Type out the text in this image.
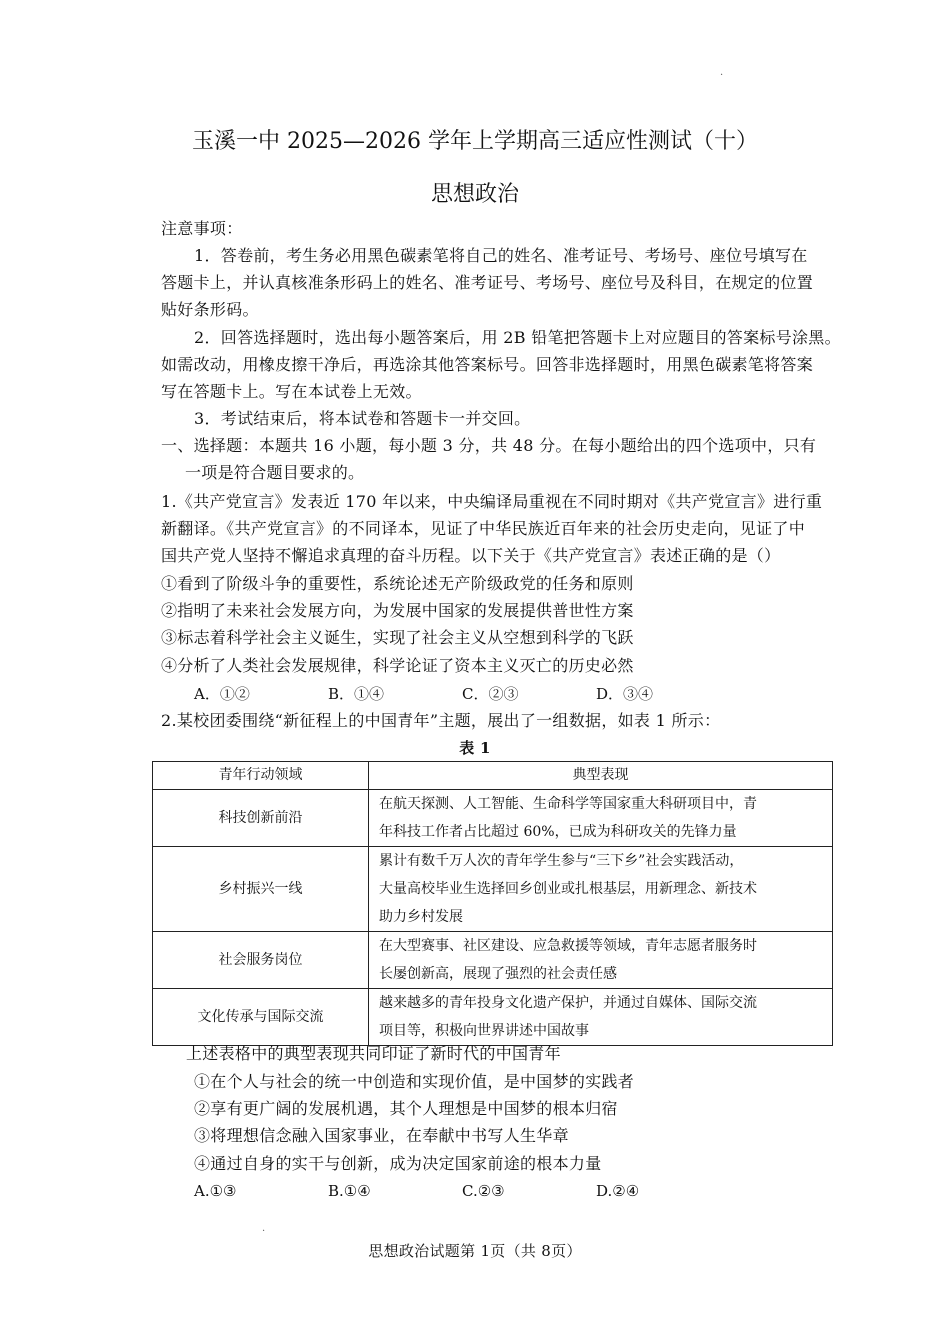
·
玉溪一中 2025—2026 学年上学期高三适应性测试（十）
思想政治
注意事项：
1．答卷前，考生务必用黑色碳素笔将自己的姓名、准考证号、考场号、座位号填写在
答题卡上，并认真核准条形码上的姓名、准考证号、考场号、座位号及科目，在规定的位置
贴好条形码。
2．回答选择题时，选出每小题答案后，用 2B 铅笔把答题卡上对应题目的答案标号涂黑。
如需改动，用橡皮擦干净后，再选涂其他答案标号。回答非选择题时，用黑色碳素笔将答案
写在答题卡上。写在本试卷上无效。
3．考试结束后，将本试卷和答题卡一并交回。
一、选择题：本题共 16 小题，每小题 3 分，共 48 分。在每小题给出的四个选项中，只有
一项是符合题目要求的。
1.《共产党宣言》发表近 170 年以来，中央编译局重视在不同时期对《共产党宣言》进行重
新翻译。《共产党宣言》的不同译本，见证了中华民族近百年来的社会历史走向，见证了中
国共产党人坚持不懈追求真理的奋斗历程。以下关于《共产党宣言》表述正确的是（）
①看到了阶级斗争的重要性，系统论述无产阶级政党的任务和原则
②指明了未来社会发展方向，为发展中国家的发展提供普世性方案
③标志着科学社会主义诞生，实现了社会主义从空想到科学的飞跃
④分析了人类社会发展规律，科学论证了资本主义灭亡的历史必然
A．①②	B．①④	C．②③	D．③④
2.某校团委围绕“新征程上的中国青年”主题，展出了一组数据，如表 1 所示：
表 1
青年行动领域	典型表现
科技创新前沿	在航天探测、人工智能、生命科学等国家重大科研项目中，青
年科技工作者占比超过 60%，已成为科研攻关的先锋力量

乡村振兴一线	累计有数千万人次的青年学生参与“三下乡”社会实践活动，
大量高校毕业生选择回乡创业或扎根基层，用新理念、新技术
助力乡村发展

社会服务岗位	在大型赛事、社区建设、应急救援等领域，青年志愿者服务时
长屡创新高，展现了强烈的社会责任感

文化传承与国际交流	越来越多的青年投身文化遗产保护，并通过自媒体、国际交流
项目等，积极向世界讲述中国故事
上述表格中的典型表现共同印证了新时代的中国青年
①在个人与社会的统一中创造和实现价值，是中国梦的实践者
②享有更广阔的发展机遇，其个人理想是中国梦的根本归宿
③将理想信念融入国家事业，在奉献中书写人生华章
④通过自身的实干与创新，成为决定国家前途的根本力量
A.①③	B.①④	C.②③	D.②④
·
思想政治试题第 1页（共 8页）
